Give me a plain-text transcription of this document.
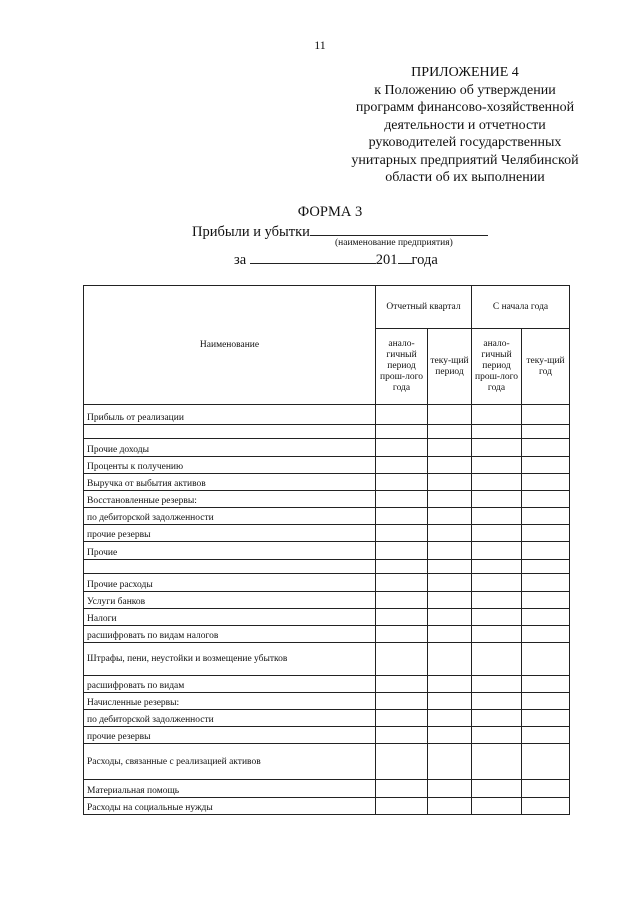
11
ПРИЛОЖЕНИЕ 4
к Положению об утверждении
программ финансово-хозяйственной
деятельности и отчетности
руководителей государственных
унитарных предприятий Челябинской
области об их выполнении
ФОРМА 3
Прибыли и убытки
(наименование предприятия)
за	201 года
Наименование	Отчетный квартал		С начала года	
	анало-гичный период прош-лого года	теку-щий период	анало-гичный период прош-лого года	теку-щий год
Прибыль от реализации				

Прочие доходы				
Проценты к получению				
Выручка от выбытия активов				
Восстановленные резервы:				
по дебиторской задолженности				
прочие резервы				
Прочие				

Прочие расходы				
Услуги банков				
Налоги				
расшифровать по видам налогов				
Штрафы, пени, неустойки и возмещение убытков				
расшифровать по видам				
Начисленные резервы:				
по дебиторской задолженности				
прочие резервы				
Расходы, связанные с реализацией активов				
Материальная помощь				
Расходы на социальные нужды				
